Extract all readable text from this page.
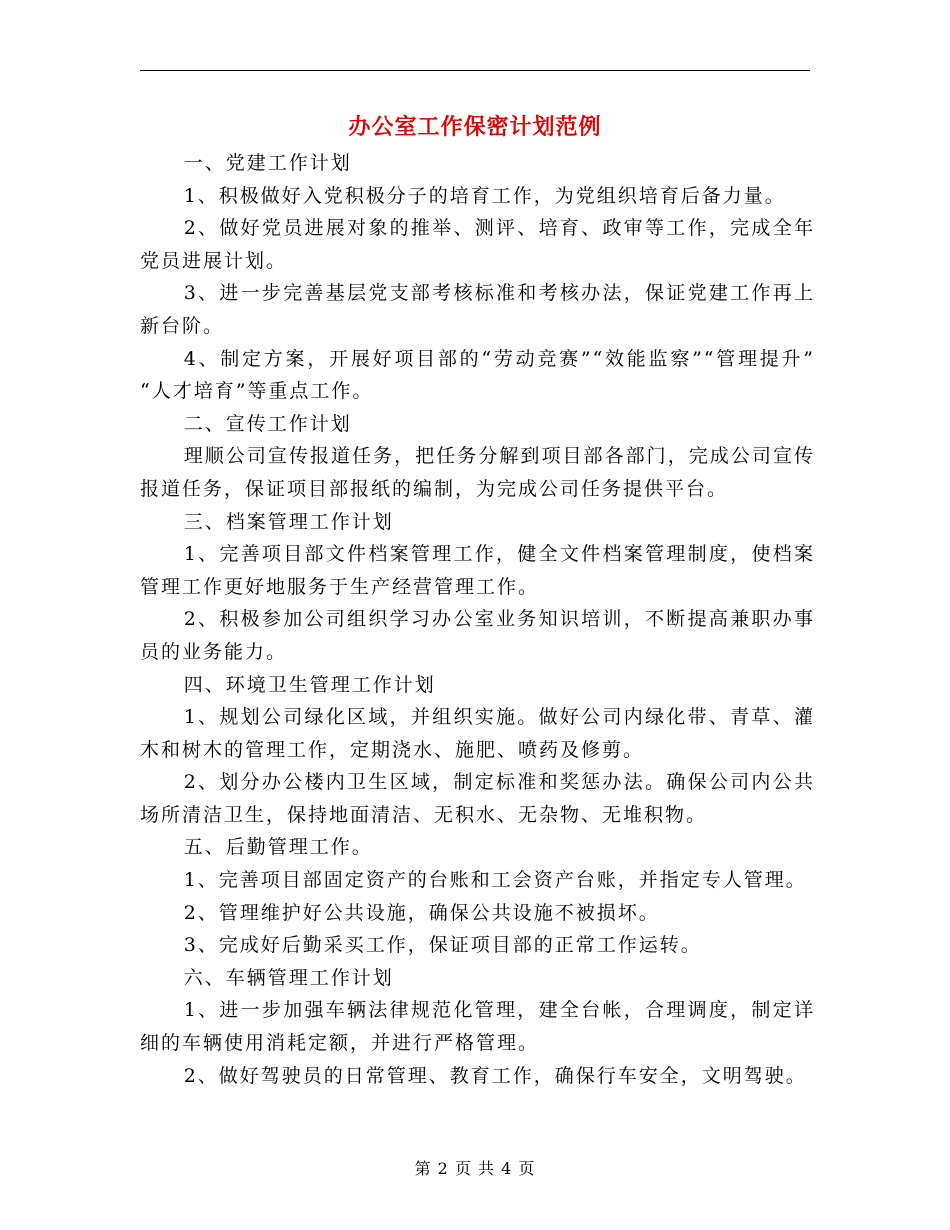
办公室工作保密计划范例

一、党建工作计划

1、积极做好入党积极分子的培育工作，为党组织培育后备力量。

2、做好党员进展对象的推举、测评、培育、政审等工作，完成全年党员进展计划。

3、进一步完善基层党支部考核标准和考核办法，保证党建工作再上新台阶。

4、制定方案，开展好项目部的“劳动竞赛”“效能监察”“管理提升” “人才培育”等重点工作。

二、宣传工作计划

理顺公司宣传报道任务，把任务分解到项目部各部门，完成公司宣传报道任务，保证项目部报纸的编制，为完成公司任务提供平台。

三、档案管理工作计划

1、完善项目部文件档案管理工作，健全文件档案管理制度，使档案管理工作更好地服务于生产经营管理工作。

2、积极参加公司组织学习办公室业务知识培训，不断提高兼职办事员的业务能力。

四、环境卫生管理工作计划

1、规划公司绿化区域，并组织实施。做好公司内绿化带、青草、灌木和树木的管理工作，定期浇水、施肥、喷药及修剪。

2、划分办公楼内卫生区域，制定标准和奖惩办法。确保公司内公共场所清洁卫生，保持地面清洁、无积水、无杂物、无堆积物。

五、后勤管理工作。

1、完善项目部固定资产的台账和工会资产台账，并指定专人管理。

2、管理维护好公共设施，确保公共设施不被损坏。

3、完成好后勤采买工作，保证项目部的正常工作运转。

六、车辆管理工作计划

1、进一步加强车辆法律规范化管理，建全台帐，合理调度，制定详细的车辆使用消耗定额，并进行严格管理。

2、做好驾驶员的日常管理、教育工作，确保行车安全，文明驾驶。

第 2 页 共 4 页
